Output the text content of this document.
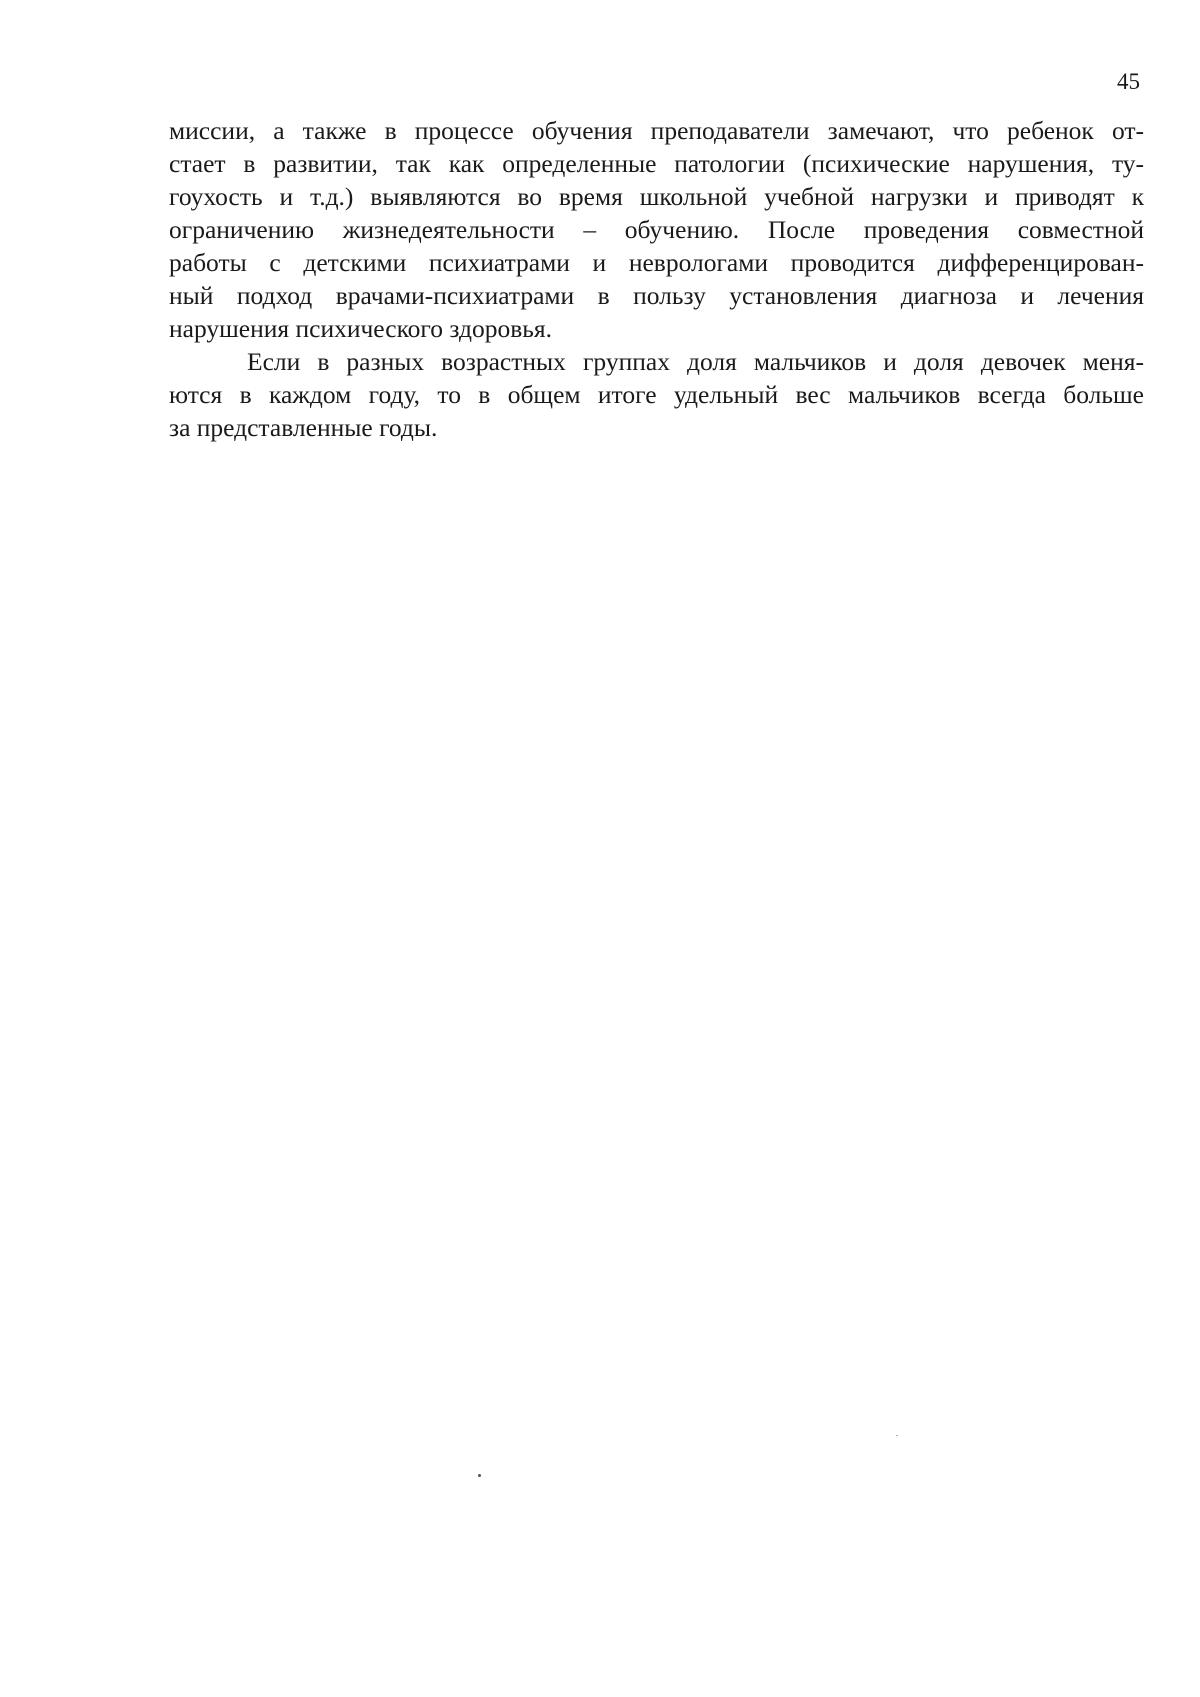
45

миссии, а также в процессе обучения преподаватели замечают, что ребенок от-

стает в развитии, так как определенные патологии (психические нарушения, ту-

гоухость и т.д.) выявляются во время школьной учебной нагрузки и приводят к

ограничению жизнедеятельности – обучению. После проведения совместной

работы с детскими психиатрами и неврологами проводится дифференцирован-

ный подход врачами-психиатрами в пользу установления диагноза и лечения

нарушения психического здоровья.

Если в разных возрастных группах доля мальчиков и доля девочек меня-

ются в каждом году, то в общем итоге удельный вес мальчиков всегда больше

за представленные годы.
